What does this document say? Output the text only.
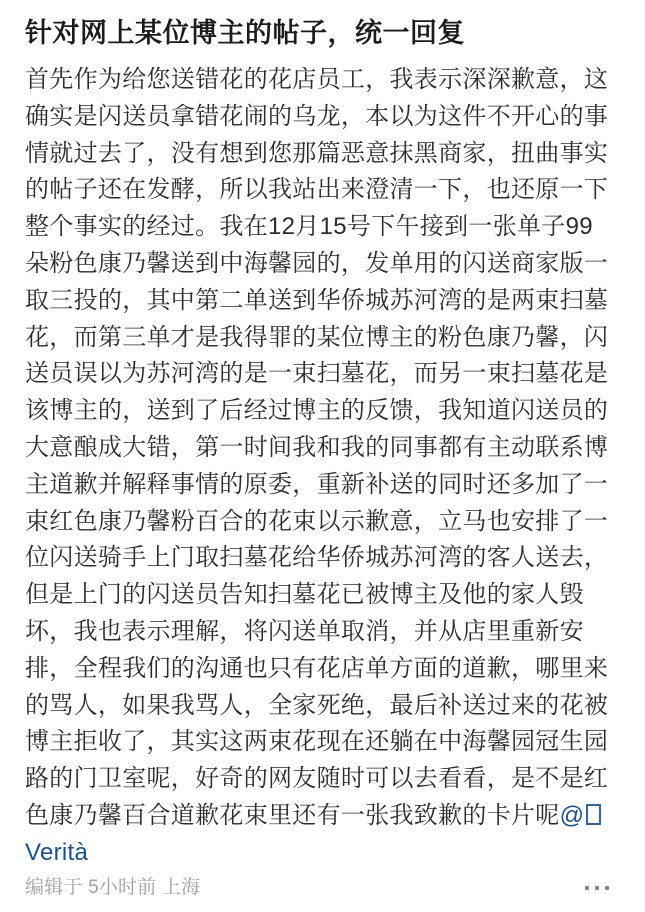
针对网上某位博主的帖子，统一回复

首先作为给您送错花的花店员工，我表示深深歉意，这确实是闪送员拿错花闹的乌龙，本以为这件不开心的事情就过去了，没有想到您那篇恶意抹黑商家，扭曲事实的帖子还在发酵，所以我站出来澄清一下，也还原一下整个事实的经过。我在12月15号下午接到一张单子99朵粉色康乃馨送到中海馨园的，发单用的闪送商家版一取三投的，其中第二单送到华侨城苏河湾的是两束扫墓花，而第三单才是我得罪的某位博主的粉色康乃馨，闪送员误以为苏河湾的是一束扫墓花，而另一束扫墓花是该博主的，送到了后经过博主的反馈，我知道闪送员的大意酿成大错，第一时间我和我的同事都有主动联系博主道歉并解释事情的原委，重新补送的同时还多加了一束红色康乃馨粉百合的花束以示歉意，立马也安排了一位闪送骑手上门取扫墓花给华侨城苏河湾的客人送去，但是上门的闪送员告知扫墓花已被博主及他的家人毁坏，我也表示理解，将闪送单取消，并从店里重新安排，全程我们的沟通也只有花店单方面的道歉，哪里来的骂人，如果我骂人，全家死绝，最后补送过来的花被博主拒收了，其实这两束花现在还躺在中海馨园冠生园路的门卫室呢，好奇的网友随时可以去看看，是不是红色康乃馨百合道歉花束里还有一张我致歉的卡片呢@Verità

编辑于 5小时前 上海
